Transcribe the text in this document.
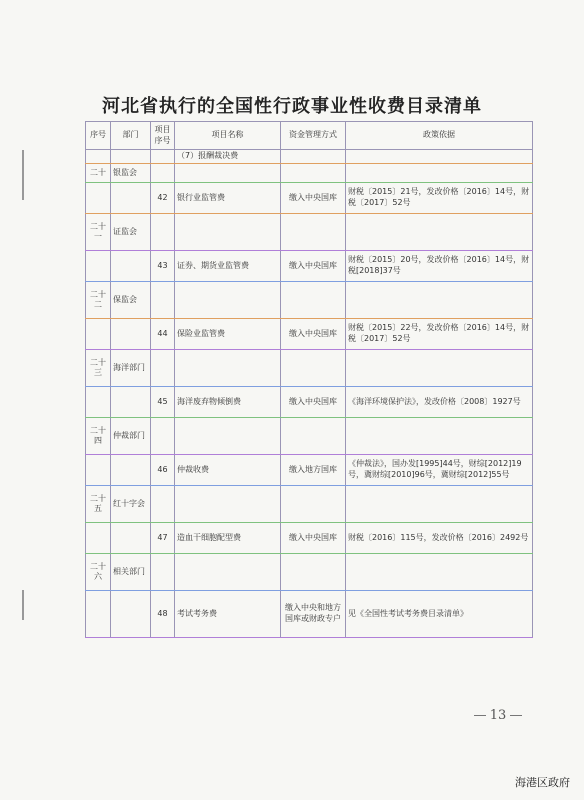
河北省执行的全国性行政事业性收费目录清单
序号	部门	项目序号	项目名称	资金管理方式	政策依据
			（7）报酬裁决费		
二十	银监会				
		42	银行业监管费	缴入中央国库	财税〔2015〕21号，发改价格〔2016〕14号，财税〔2017〕52号
二十一	证监会				
		43	证券、期货业监管费	缴入中央国库	财税〔2015〕20号，发改价格〔2016〕14号，财税[2018]37号
二十二	保监会				
		44	保险业监管费	缴入中央国库	财税〔2015〕22号，发改价格〔2016〕14号，财税〔2017〕52号
二十三	海洋部门				
		45	海洋废弃物倾倒费	缴入中央国库	《海洋环境保护法》，发改价格〔2008〕1927号
二十四	仲裁部门				
		46	仲裁收费	缴入地方国库	《仲裁法》，国办发[1995]44号，财综[2012]19号，冀财综[2010]96号，冀财综[2012]55号
二十五	红十字会				
		47	造血干细胞配型费	缴入中央国库	财税〔2016〕115号，发改价格〔2016〕2492号
二十六	相关部门				
		48	考试考务费	缴入中央和地方国库或财政专户	见《全国性考试考务费目录清单》
13
海港区政府
